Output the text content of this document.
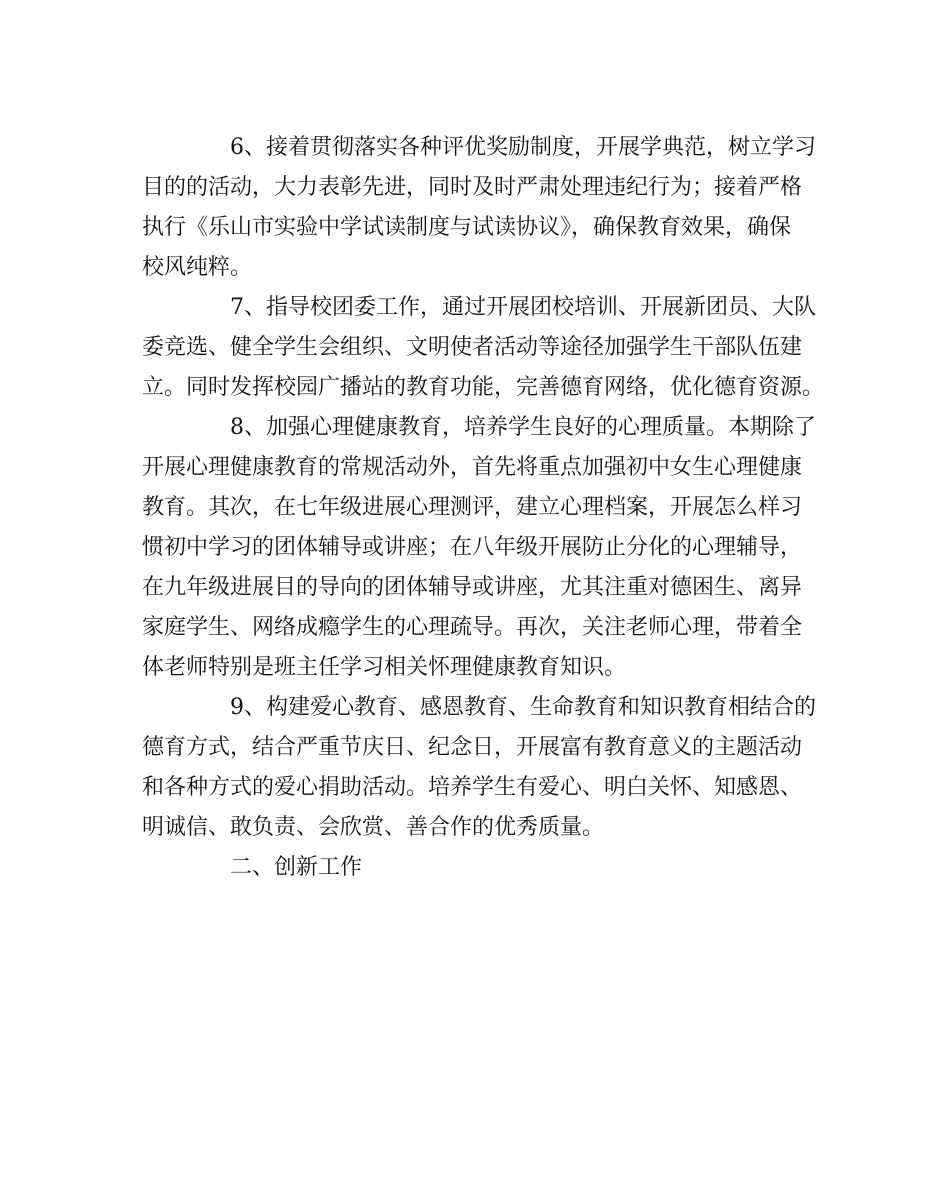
6、接着贯彻落实各种评优奖励制度，开展学典范，树立学习
目的的活动，大力表彰先进，同时及时严肃处理违纪行为；接着严格
执行《乐山市实验中学试读制度与试读协议》，确保教育效果，确保
校风纯粹。

7、指导校团委工作，通过开展团校培训、开展新团员、大队
委竞选、健全学生会组织、文明使者活动等途径加强学生干部队伍建
立。同时发挥校园广播站的教育功能，完善德育网络，优化德育资源。

8、加强心理健康教育，培养学生良好的心理质量。本期除了
开展心理健康教育的常规活动外，首先将重点加强初中女生心理健康
教育。其次，在七年级进展心理测评，建立心理档案，开展怎么样习
惯初中学习的团体辅导或讲座；在八年级开展防止分化的心理辅导，
在九年级进展目的导向的团体辅导或讲座，尤其注重对德困生、离异
家庭学生、网络成瘾学生的心理疏导。再次，关注老师心理，带着全
体老师特别是班主任学习相关怀理健康教育知识。

9、构建爱心教育、感恩教育、生命教育和知识教育相结合的
德育方式，结合严重节庆日、纪念日，开展富有教育意义的主题活动
和各种方式的爱心捐助活动。培养学生有爱心、明白关怀、知感恩、
明诚信、敢负责、会欣赏、善合作的优秀质量。

二、创新工作
